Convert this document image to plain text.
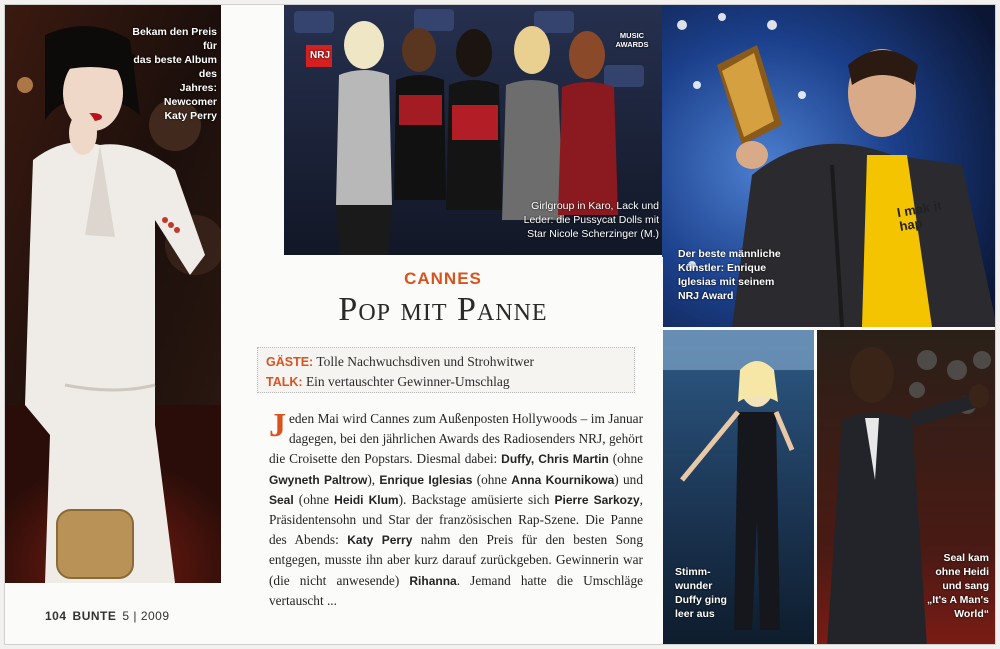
Bekam den Preis für
das beste Album des
Jahres: Newcomer
Katy Perry
NRJ
MUSIC AWARDS
Girlgroup in Karo, Lack und
Leder: die Pussycat Dolls mit
Star Nicole Scherzinger (M.)
I mak it hap
Der beste männliche
Künstler: Enrique
Iglesias mit seinem
NRJ Award
Stimm-
wunder
Duffy ging
leer aus
Seal kam
ohne Heidi
und sang
„It's A Man's
World“
CANNES
Pop mit Panne
GÄSTE: Tolle Nachwuchsdiven und Strohwitwer
TALK: Ein vertauschter Gewinner-Umschlag
J eden Mai wird Cannes zum Außenposten Hollywoods – im Januar dagegen, bei den jährlichen Awards des Radiosenders NRJ, gehört die Croisette den Popstars. Diesmal dabei: Duffy, Chris Martin (ohne Gwyneth Paltrow), Enrique Iglesias (ohne Anna Kournikowa) und Seal (ohne Heidi Klum). Backstage amüsierte sich Pierre Sarkozy, Präsidentensohn und Star der französischen Rap-Szene. Die Panne des Abends: Katy Perry nahm den Preis für den besten Song entgegen, musste ihn aber kurz darauf zurückgeben. Gewinnerin war (die nicht anwesende) Rihanna. Jemand hatte die Umschläge vertauscht ...
104 BUNTE 5 | 2009
